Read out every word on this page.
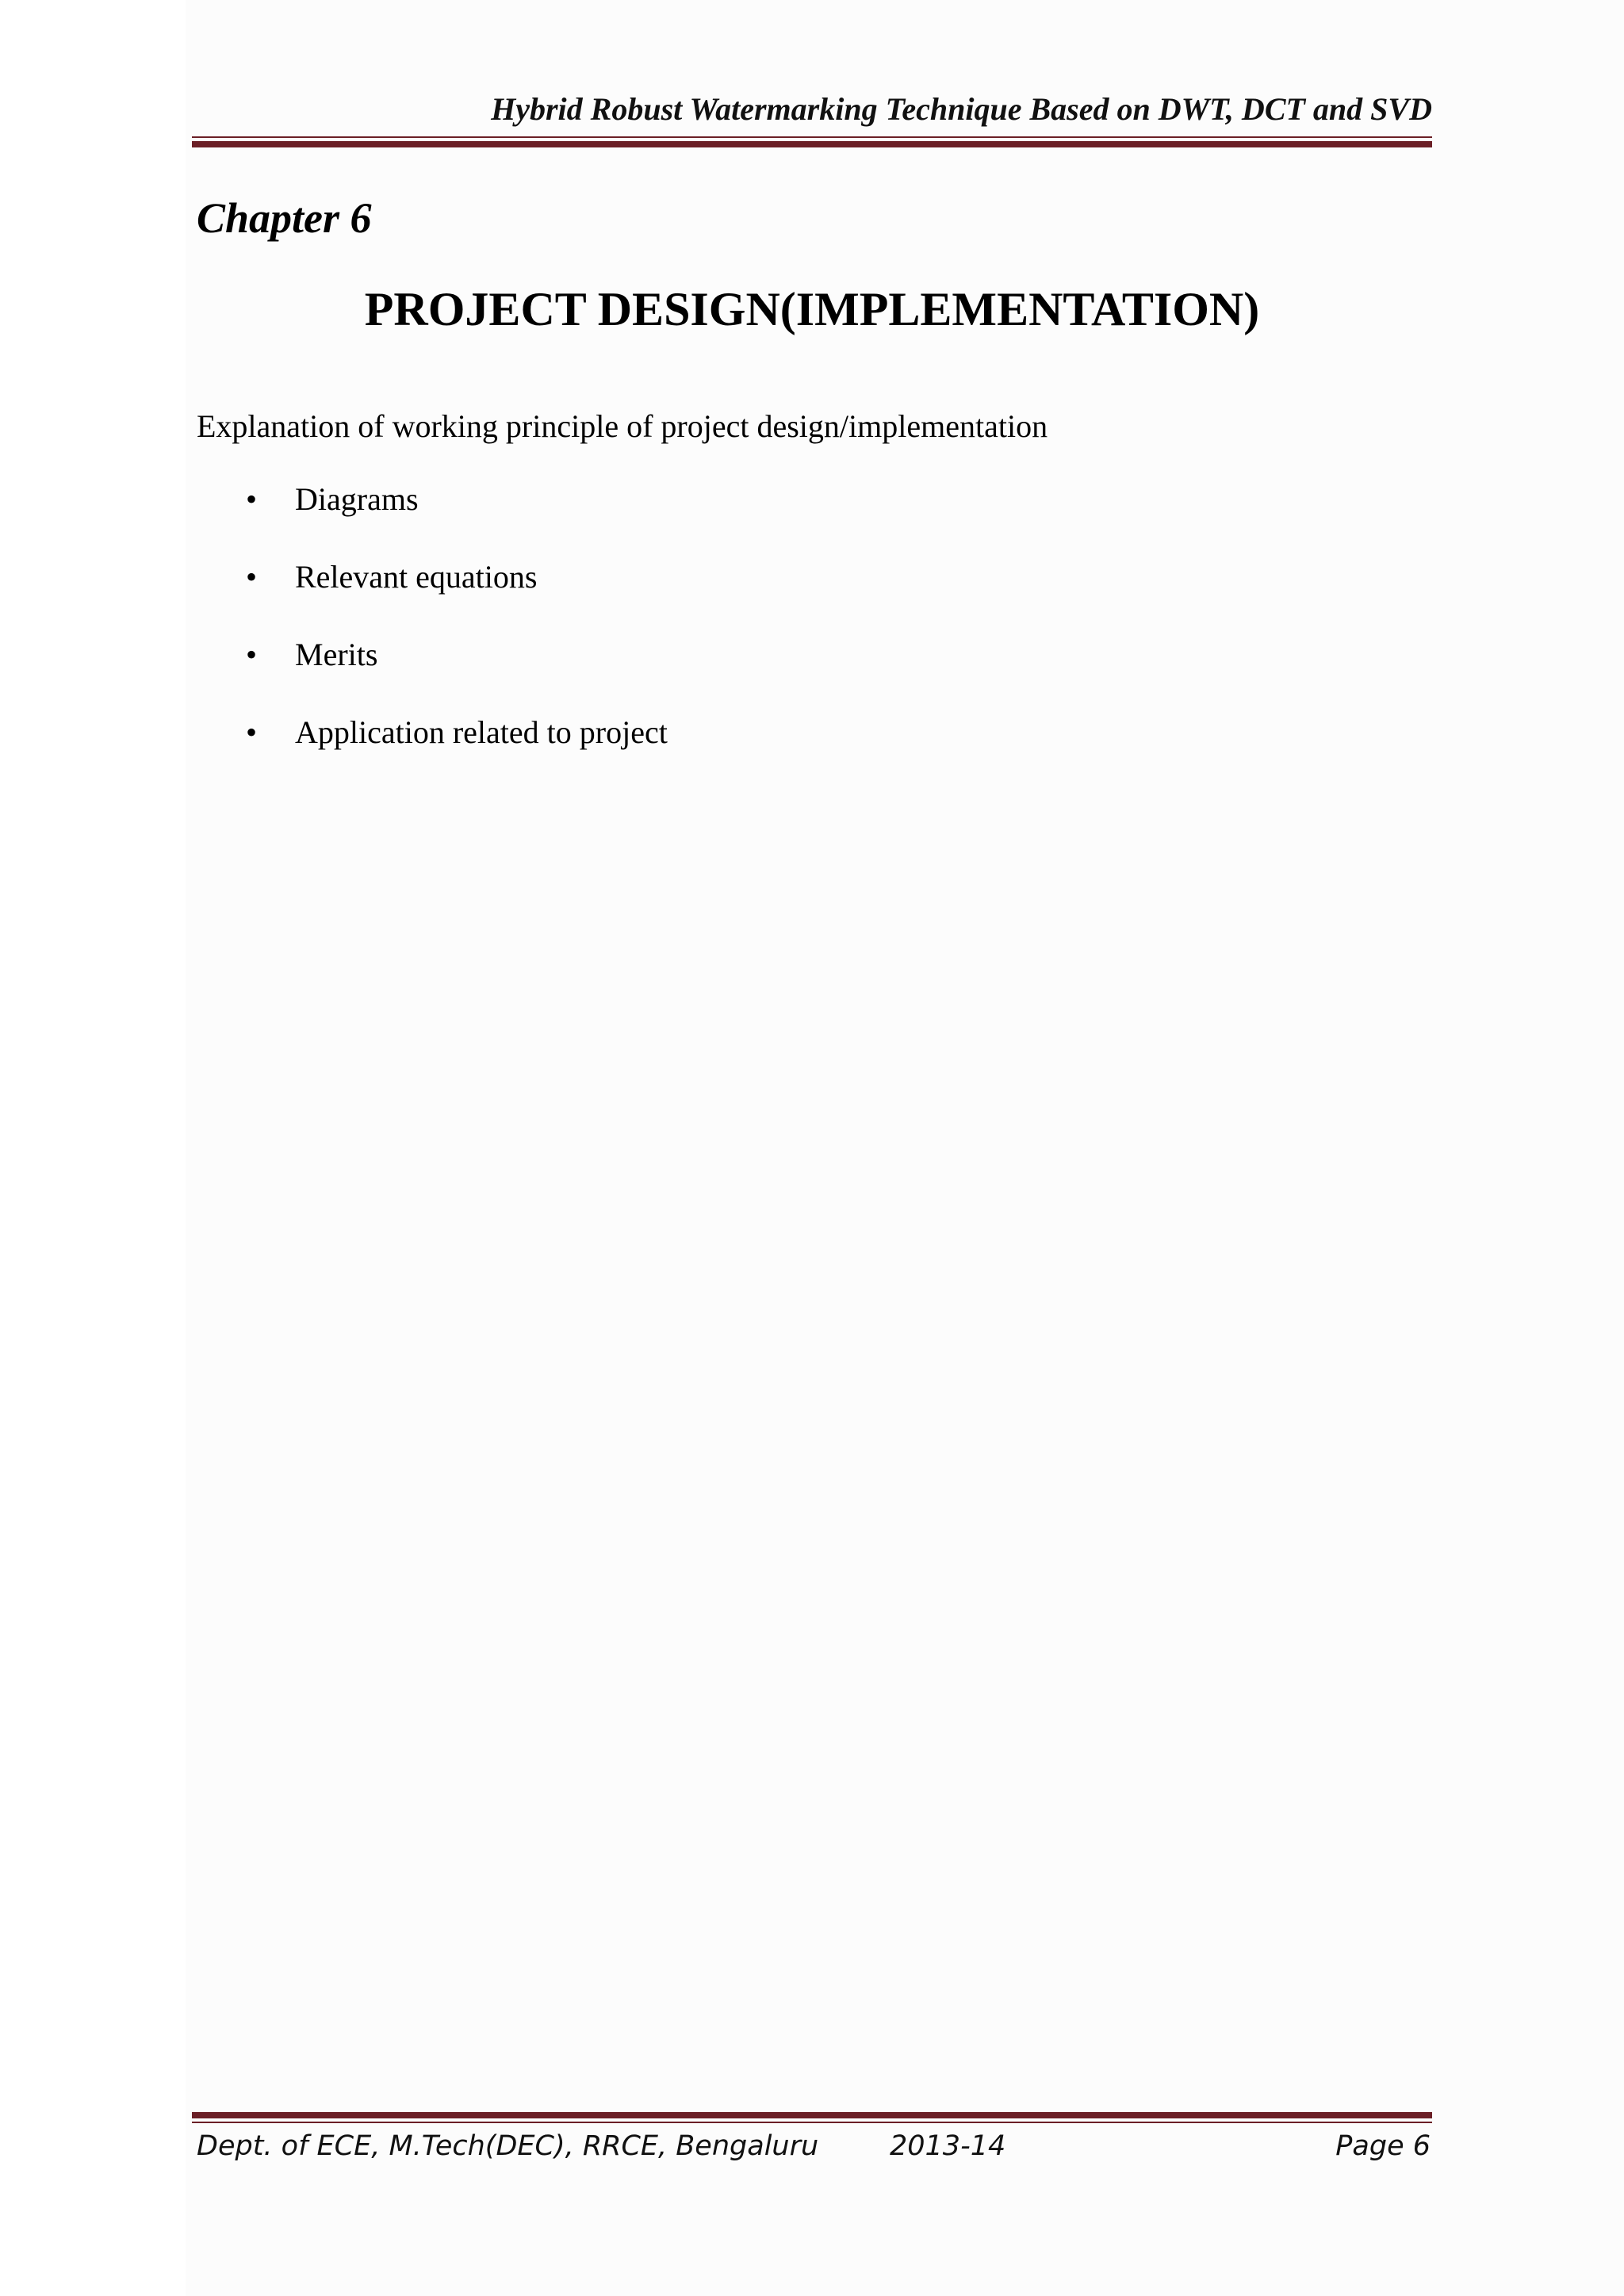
Hybrid Robust Watermarking Technique Based on DWT, DCT and SVD
Chapter 6
PROJECT DESIGN(IMPLEMENTATION)
Explanation of working principle of project design/implementation
•	Diagrams
•	Relevant equations
•	Merits
•	Application related to project
Dept. of ECE, M.Tech(DEC), RRCE, Bengaluru	2013-14	Page 6
